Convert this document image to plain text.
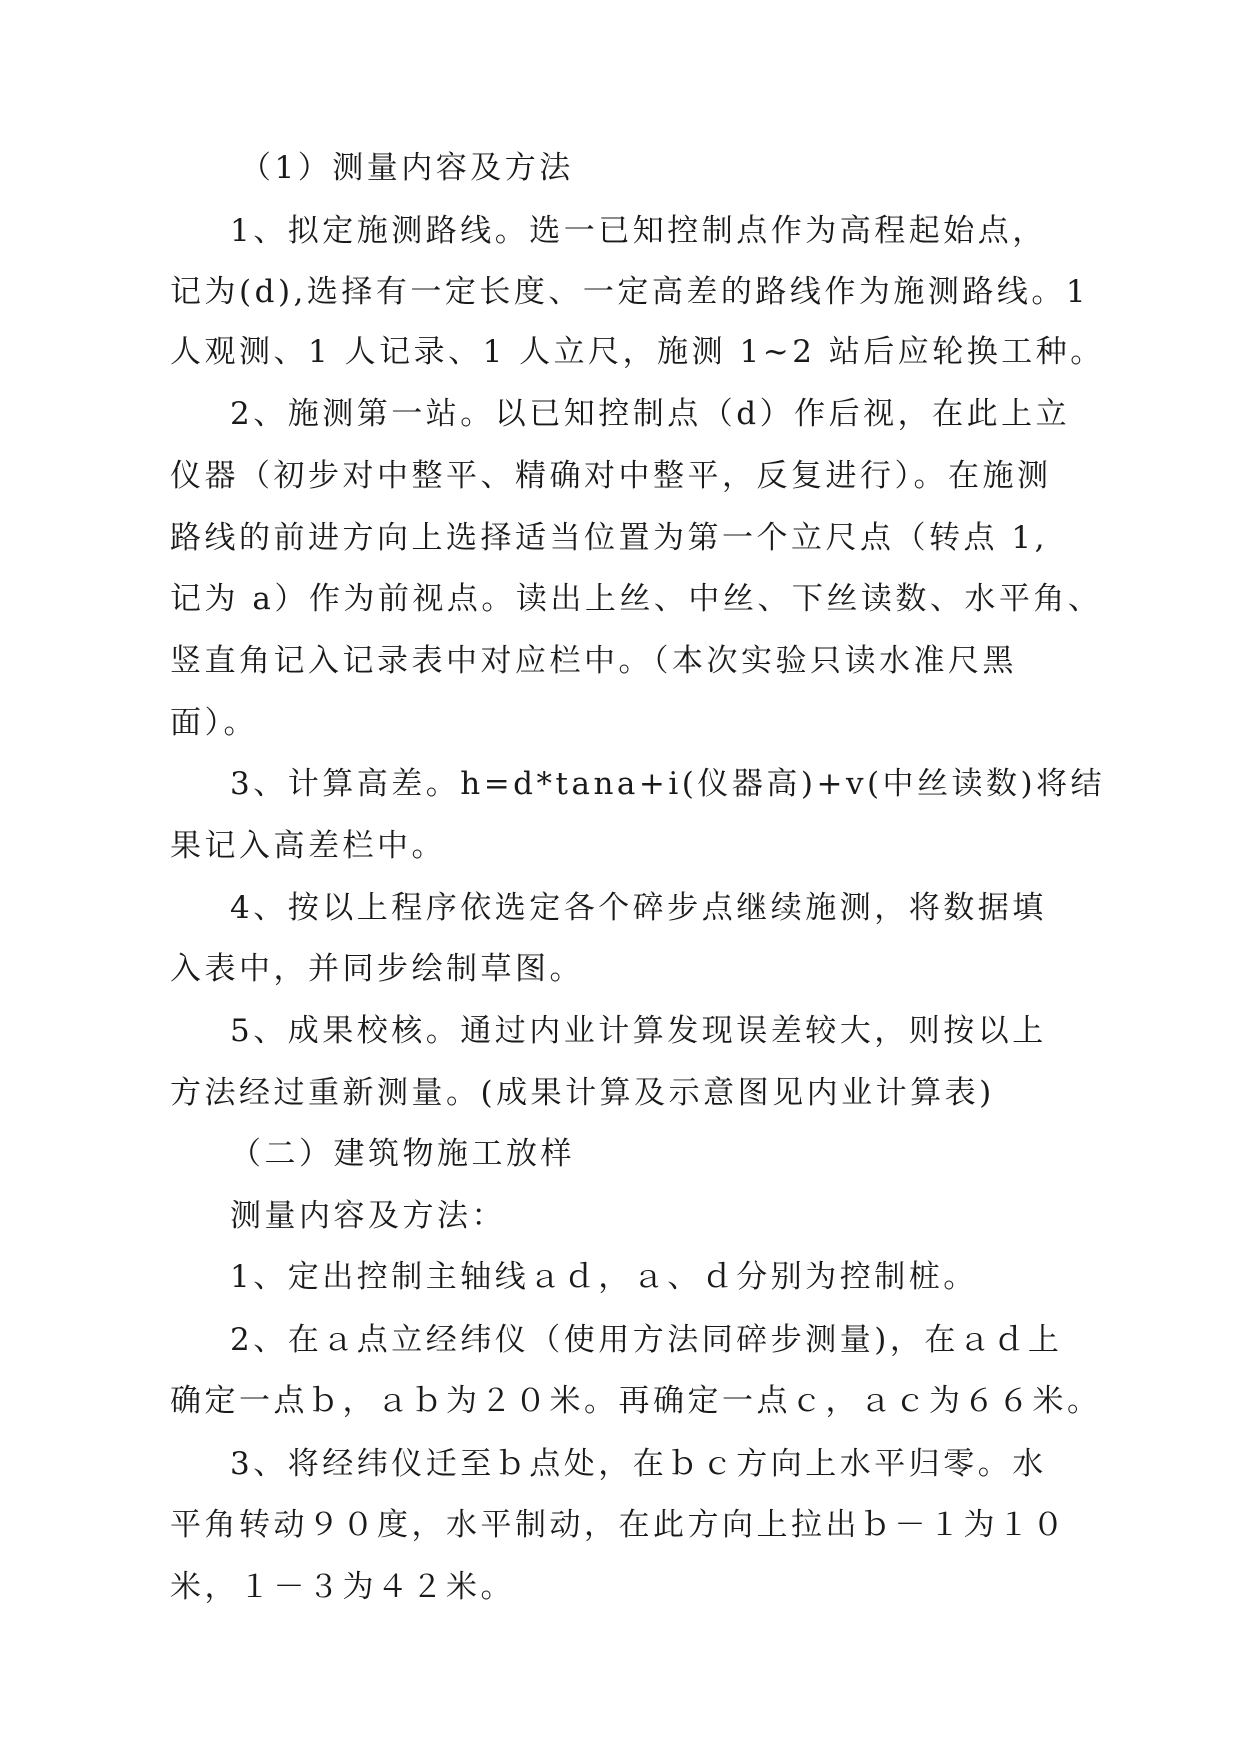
（1）测量内容及方法

1、拟定施测路线。选一已知控制点作为高程起始点，

记为(d),选择有一定长度、一定高差的路线作为施测路线。1

人观测、1 人记录、1 人立尺，施测 1~2 站后应轮换工种。

2、施测第一站。以已知控制点（d）作后视，在此上立

仪器（初步对中整平、精确对中整平，反复进行）。在施测

路线的前进方向上选择适当位置为第一个立尺点（转点 1,

记为 a）作为前视点。读出上丝、中丝、下丝读数、水平角、

竖直角记入记录表中对应栏中。（本次实验只读水准尺黑

面）。

3、计算高差。h=d*tana+i(仪器高)+v(中丝读数)将结

果记入高差栏中。

4、按以上程序依选定各个碎步点继续施测，将数据填

入表中，并同步绘制草图。

5、成果校核。通过内业计算发现误差较大，则按以上

方法经过重新测量。(成果计算及示意图见内业计算表)

（二）建筑物施工放样

测量内容及方法：

1、定出控制主轴线ａｄ，ａ、ｄ分别为控制桩。

2、在ａ点立经纬仪（使用方法同碎步测量)，在ａｄ上

确定一点ｂ，ａｂ为２０米。再确定一点ｃ，ａｃ为６６米。

3、将经纬仪迁至ｂ点处，在ｂｃ方向上水平归零。水

平角转动９０度，水平制动，在此方向上拉出ｂ－１为１０

米，１－３为４２米。
